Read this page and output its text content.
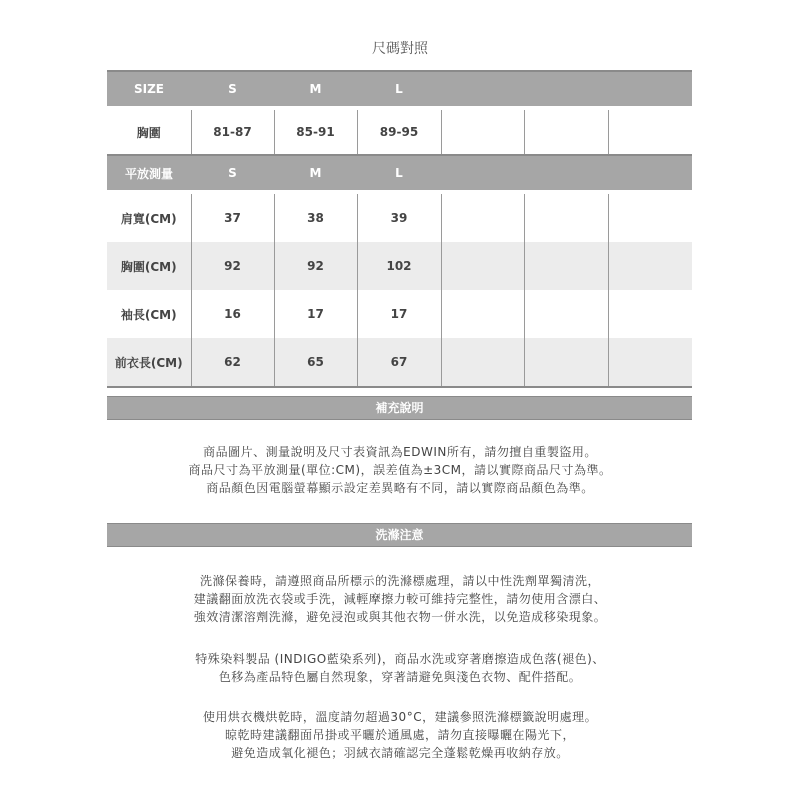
尺碼對照
SIZE	S	M	L			

胸圍	81-87	85-91	89-95			
平放測量	S	M	L			

肩寬(CM)	37	38	39			
胸圍(CM)	92	92	102			
袖長(CM)	16	17	17			
前衣長(CM)	62	65	67			
補充說明
商品圖片、測量說明及尺寸表資訊為EDWIN所有，請勿擅自重製盜用。
商品尺寸為平放測量(單位:CM)，誤差值為±3CM，請以實際商品尺寸為準。
商品顏色因電腦螢幕顯示設定差異略有不同，請以實際商品顏色為準。
洗滌注意
洗滌保養時，請遵照商品所標示的洗滌標處理，請以中性洗劑單獨清洗，
建議翻面放洗衣袋或手洗，減輕摩擦力較可維持完整性，請勿使用含漂白、
強效清潔溶劑洗滌，避免浸泡或與其他衣物一併水洗，以免造成移染現象。
特殊染料製品 (INDIGO藍染系列)，商品水洗或穿著磨擦造成色落(褪色)、
色移為產品特色屬自然現象，穿著請避免與淺色衣物、配件搭配。
使用烘衣機烘乾時，溫度請勿超過30°C，建議參照洗滌標籤說明處理。
晾乾時建議翻面吊掛或平曬於通風處，請勿直接曝曬在陽光下，
避免造成氧化褪色；羽絨衣請確認完全蓬鬆乾燥再收納存放。
